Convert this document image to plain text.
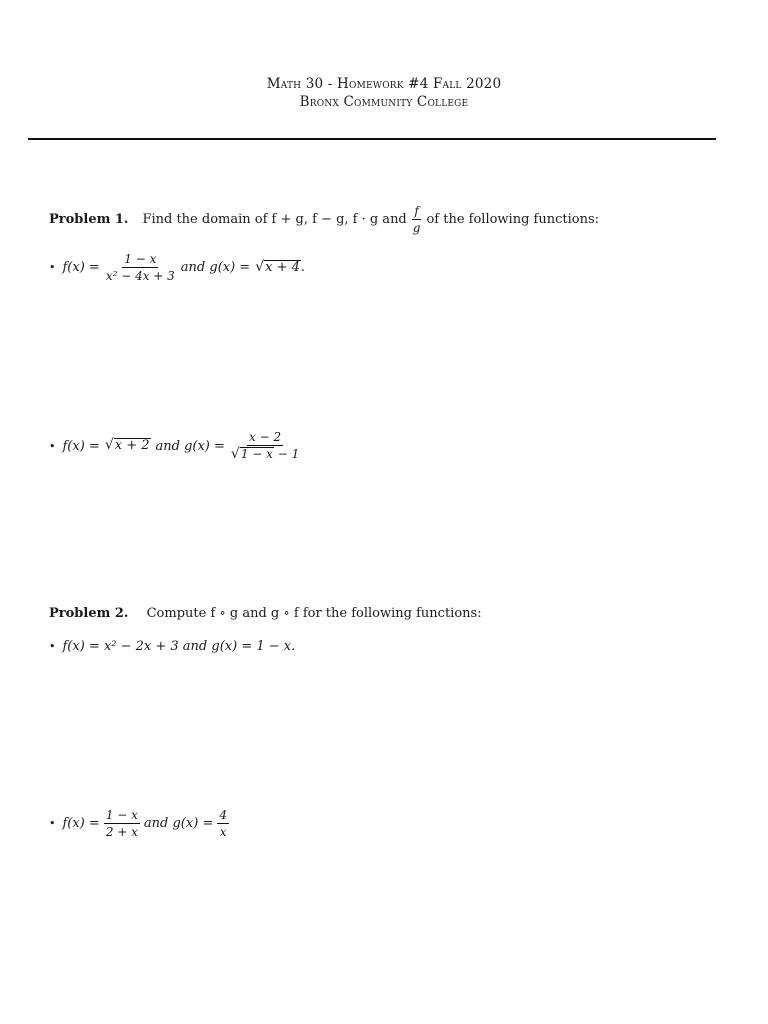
Math 30 - Homework #4 Fall 2020
Bronx Community College
Problem 1. Find the domain of f + g, f − g, f · g and $\frac{f}{g}$ of the following functions:
• $f(x) = \frac{1 - x}{\text{x² − 4x + 3}}$ and g(x) = √ x + 4 .
• f(x) = √ x + 2 and $g(x) = \frac{x - 2}{√ 1 - x - 1}$
Problem 2. Compute f ∘ g and g ∘ f for the following functions:
• f(x) = x² − 2x + 3 and g(x) = 1 − x.
• $f(x) = \frac{1 - x}{2 + x}$ and $g(x) = \frac{4}{x}$
